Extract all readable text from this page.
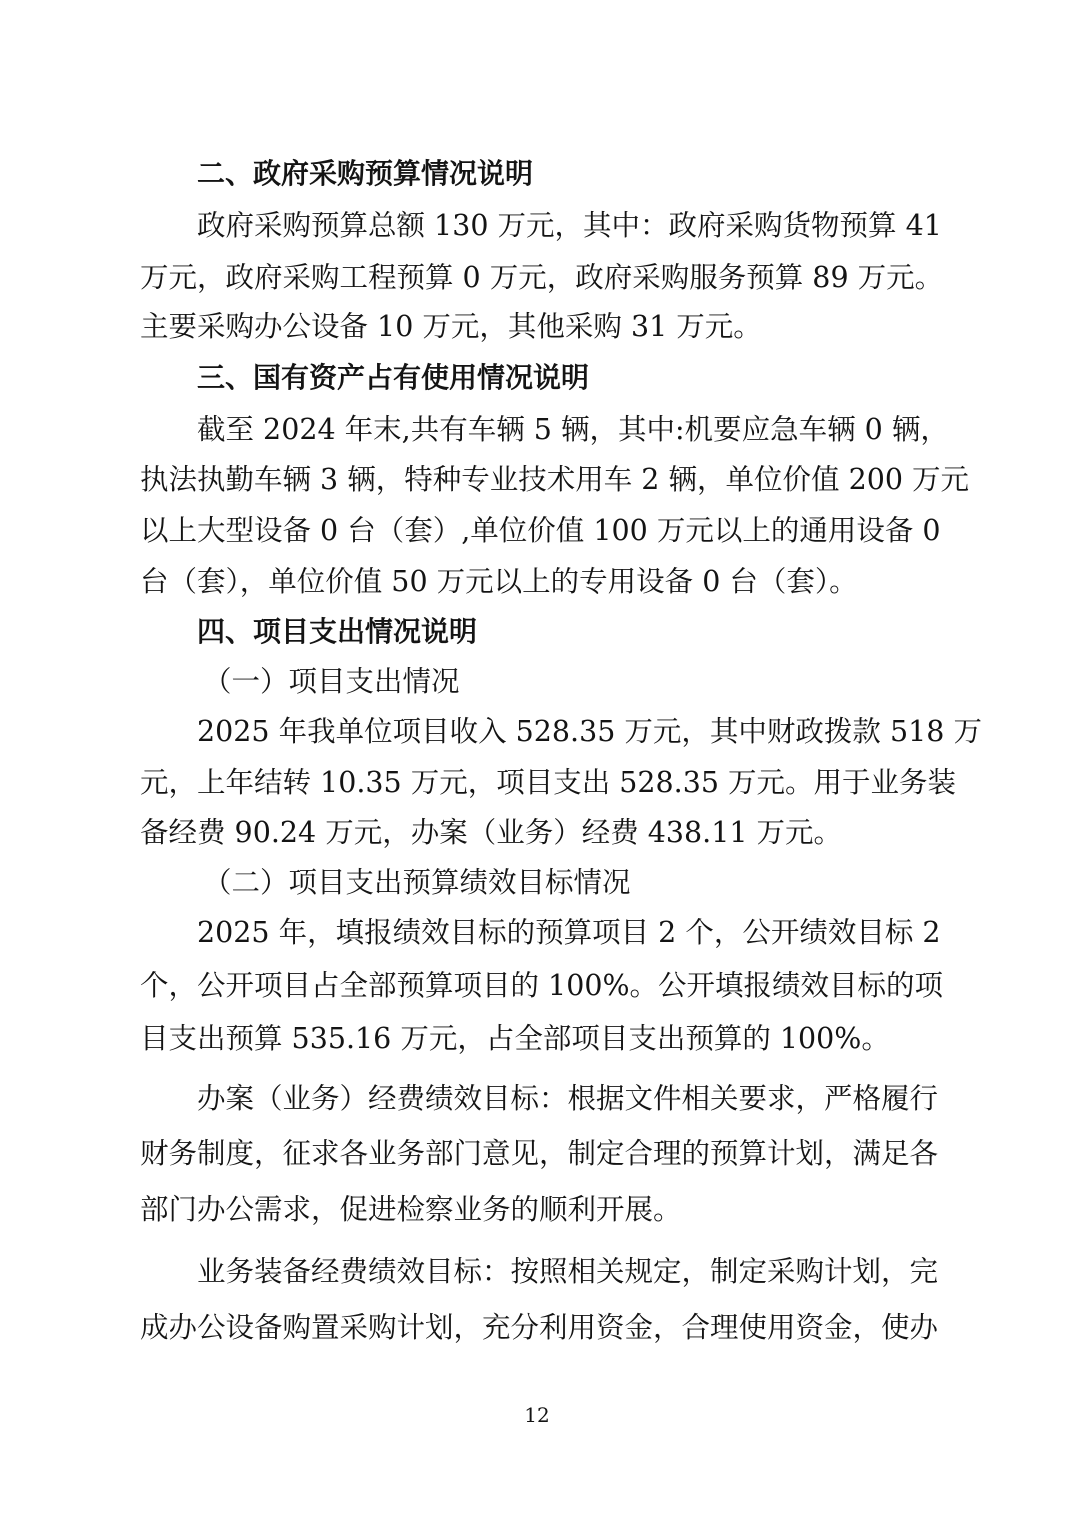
二、政府采购预算情况说明
政府采购预算总额 130 万元，其中：政府采购货物预算 41
万元，政府采购工程预算 0 万元，政府采购服务预算 89 万元。
主要采购办公设备 10 万元，其他采购 31 万元。
三、国有资产占有使用情况说明
截至 2024 年末,共有车辆 5 辆，其中:机要应急车辆 0 辆，
执法执勤车辆 3 辆，特种专业技术用车 2 辆，单位价值 200 万元
以上大型设备 0 台（套）,单位价值 100 万元以上的通用设备 0
台（套），单位价值 50 万元以上的专用设备 0 台（套）。
四、项目支出情况说明
（一）项目支出情况
2025 年我单位项目收入 528.35 万元，其中财政拨款 518 万
元，上年结转 10.35 万元，项目支出 528.35 万元。用于业务装
备经费 90.24 万元，办案（业务）经费 438.11 万元。
（二）项目支出预算绩效目标情况
2025 年，填报绩效目标的预算项目 2 个，公开绩效目标 2
个，公开项目占全部预算项目的 100%。公开填报绩效目标的项
目支出预算 535.16 万元，占全部项目支出预算的 100%。
办案（业务）经费绩效目标：根据文件相关要求，严格履行
财务制度，征求各业务部门意见，制定合理的预算计划，满足各
部门办公需求，促进检察业务的顺利开展。
业务装备经费绩效目标：按照相关规定，制定采购计划，完
成办公设备购置采购计划，充分利用资金，合理使用资金，使办
12
